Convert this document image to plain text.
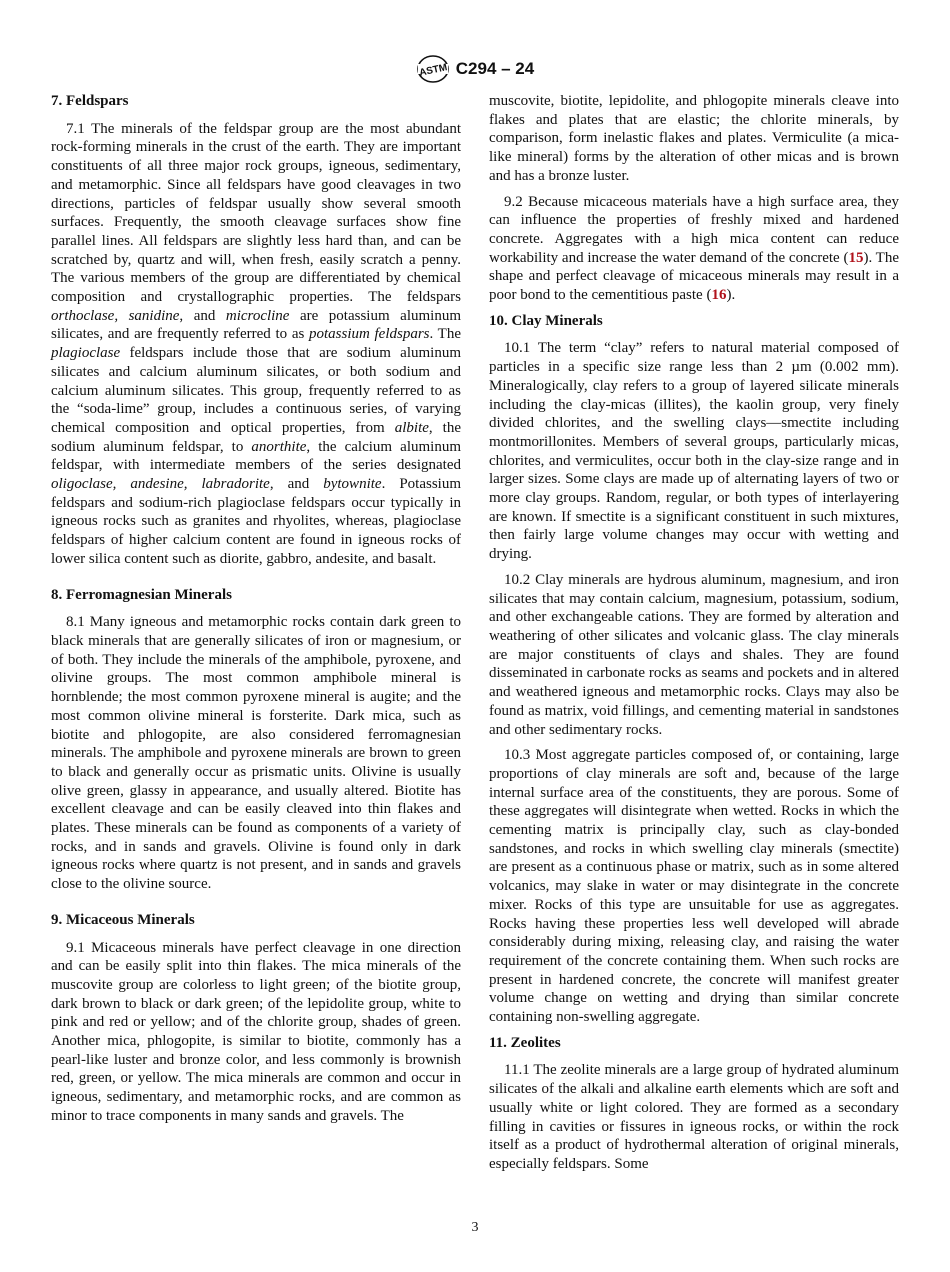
ASTM C294 – 24
7. Feldspars

7.1 The minerals of the feldspar group are the most abundant rock-forming minerals in the crust of the earth. They are important constituents of all three major rock groups, igneous, sedimentary, and metamorphic. Since all feldspars have good cleavages in two directions, particles of feldspar usually show several smooth surfaces. Frequently, the smooth cleavage surfaces show fine parallel lines. All feldspars are slightly less hard than, and can be scratched by, quartz and will, when fresh, easily scratch a penny. The various members of the group are differentiated by chemical composition and crystallographic properties. The feldspars orthoclase, sanidine, and microcline are potassium aluminum silicates, and are frequently referred to as potassium feldspars. The plagioclase feldspars include those that are sodium aluminum silicates and calcium aluminum silicates, or both sodium and calcium aluminum silicates. This group, frequently referred to as the “soda-lime” group, includes a continuous series, of varying chemical composition and optical properties, from albite, the sodium aluminum feldspar, to anorthite, the calcium aluminum feldspar, with intermediate members of the series designated oligoclase, andesine, labradorite, and bytownite. Potassium feldspars and sodium-rich plagioclase feldspars occur typically in igneous rocks such as granites and rhyolites, whereas, plagioclase feldspars of higher calcium content are found in igneous rocks of lower silica content such as diorite, gabbro, andesite, and basalt.

8. Ferromagnesian Minerals

8.1 Many igneous and metamorphic rocks contain dark green to black minerals that are generally silicates of iron or magnesium, or of both. They include the minerals of the amphibole, pyroxene, and olivine groups. The most common amphibole mineral is hornblende; the most common pyroxene mineral is augite; and the most common olivine mineral is forsterite. Dark mica, such as biotite and phlogopite, are also considered ferromagnesian minerals. The amphibole and pyroxene minerals are brown to green to black and generally occur as prismatic units. Olivine is usually olive green, glassy in appearance, and usually altered. Biotite has excellent cleavage and can be easily cleaved into thin flakes and plates. These minerals can be found as components of a variety of rocks, and in sands and gravels. Olivine is found only in dark igneous rocks where quartz is not present, and in sands and gravels close to the olivine source.

9. Micaceous Minerals

9.1 Micaceous minerals have perfect cleavage in one direction and can be easily split into thin flakes. The mica minerals of the muscovite group are colorless to light green; of the biotite group, dark brown to black or dark green; of the lepidolite group, white to pink and red or yellow; and of the chlorite group, shades of green. Another mica, phlogopite, is similar to biotite, commonly has a pearl-like luster and bronze color, and less commonly is brownish red, green, or yellow. The mica minerals are common and occur in igneous, sedimentary, and metamorphic rocks, and are common as minor to trace components in many sands and gravels. The

muscovite, biotite, lepidolite, and phlogopite minerals cleave into flakes and plates that are elastic; the chlorite minerals, by comparison, form inelastic flakes and plates. Vermiculite (a mica-like mineral) forms by the alteration of other micas and is brown and has a bronze luster.

9.2 Because micaceous materials have a high surface area, they can influence the properties of freshly mixed and hardened concrete. Aggregates with a high mica content can reduce workability and increase the water demand of the concrete (15). The shape and perfect cleavage of micaceous minerals may result in a poor bond to the cementitious paste (16).

10. Clay Minerals

10.1 The term “clay” refers to natural material composed of particles in a specific size range less than 2 µm (0.002 mm). Mineralogically, clay refers to a group of layered silicate minerals including the clay-micas (illites), the kaolin group, very finely divided chlorites, and the swelling clays—smectite including montmorillonites. Members of several groups, particularly micas, chlorites, and vermiculites, occur both in the clay-size range and in larger sizes. Some clays are made up of alternating layers of two or more clay groups. Random, regular, or both types of interlayering are known. If smectite is a significant constituent in such mixtures, then fairly large volume changes may occur with wetting and drying.

10.2 Clay minerals are hydrous aluminum, magnesium, and iron silicates that may contain calcium, magnesium, potassium, sodium, and other exchangeable cations. They are formed by alteration and weathering of other silicates and volcanic glass. The clay minerals are major constituents of clays and shales. They are found disseminated in carbonate rocks as seams and pockets and in altered and weathered igneous and metamorphic rocks. Clays may also be found as matrix, void fillings, and cementing material in sandstones and other sedimentary rocks.

10.3 Most aggregate particles composed of, or containing, large proportions of clay minerals are soft and, because of the large internal surface area of the constituents, they are porous. Some of these aggregates will disintegrate when wetted. Rocks in which the cementing matrix is principally clay, such as clay-bonded sandstones, and rocks in which swelling clay minerals (smectite) are present as a continuous phase or matrix, such as in some altered volcanics, may slake in water or may disintegrate in the concrete mixer. Rocks of this type are unsuitable for use as aggregates. Rocks having these properties less well developed will abrade considerably during mixing, releasing clay, and raising the water requirement of the concrete containing them. When such rocks are present in hardened concrete, the concrete will manifest greater volume change on wetting and drying than similar concrete containing non-swelling aggregate.

11. Zeolites

11.1 The zeolite minerals are a large group of hydrated aluminum silicates of the alkali and alkaline earth elements which are soft and usually white or light colored. They are formed as a secondary filling in cavities or fissures in igneous rocks, or within the rock itself as a product of hydrothermal alteration of original minerals, especially feldspars. Some

3
